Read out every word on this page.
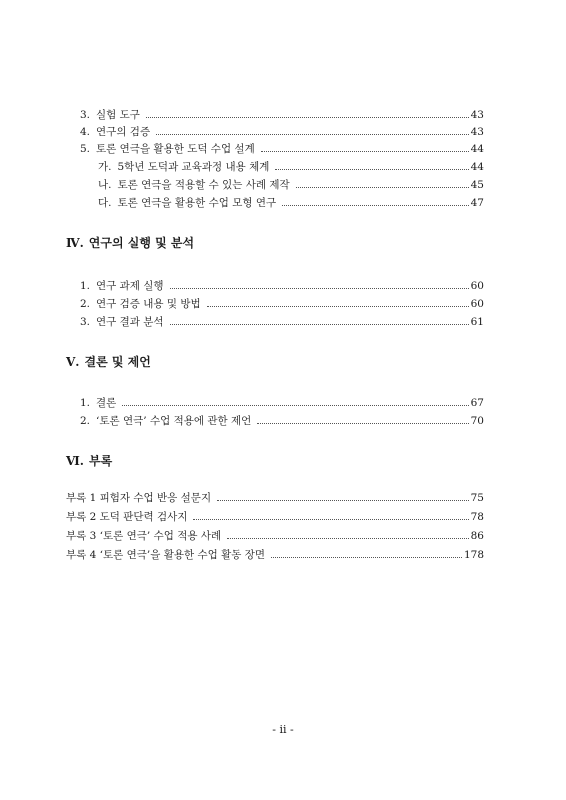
3. 실험 도구	43
4. 연구의 검증	43
5. 토론 연극을 활용한 도덕 수업 설계	44
가. 5학년 도덕과 교육과정 내용 체계	44
나. 토론 연극을 적용할 수 있는 사례 제작	45
다. 토론 연극을 활용한 수업 모형 연구	47
Ⅳ. 연구의 실행 및 분석
1. 연구 과제 실행	60
2. 연구 검증 내용 및 방법	60
3. 연구 결과 분석	61
Ⅴ. 결론 및 제언
1. 결론	67
2. ‘토론 연극’ 수업 적용에 관한 제언	70
Ⅵ. 부록
부록 1 피험자 수업 반응 설문지	75
부록 2 도덕 판단력 검사지	78
부록 3 ‘토론 연극’ 수업 적용 사례	86
부록 4 ‘토론 연극’을 활용한 수업 활동 장면	178
- ii -
